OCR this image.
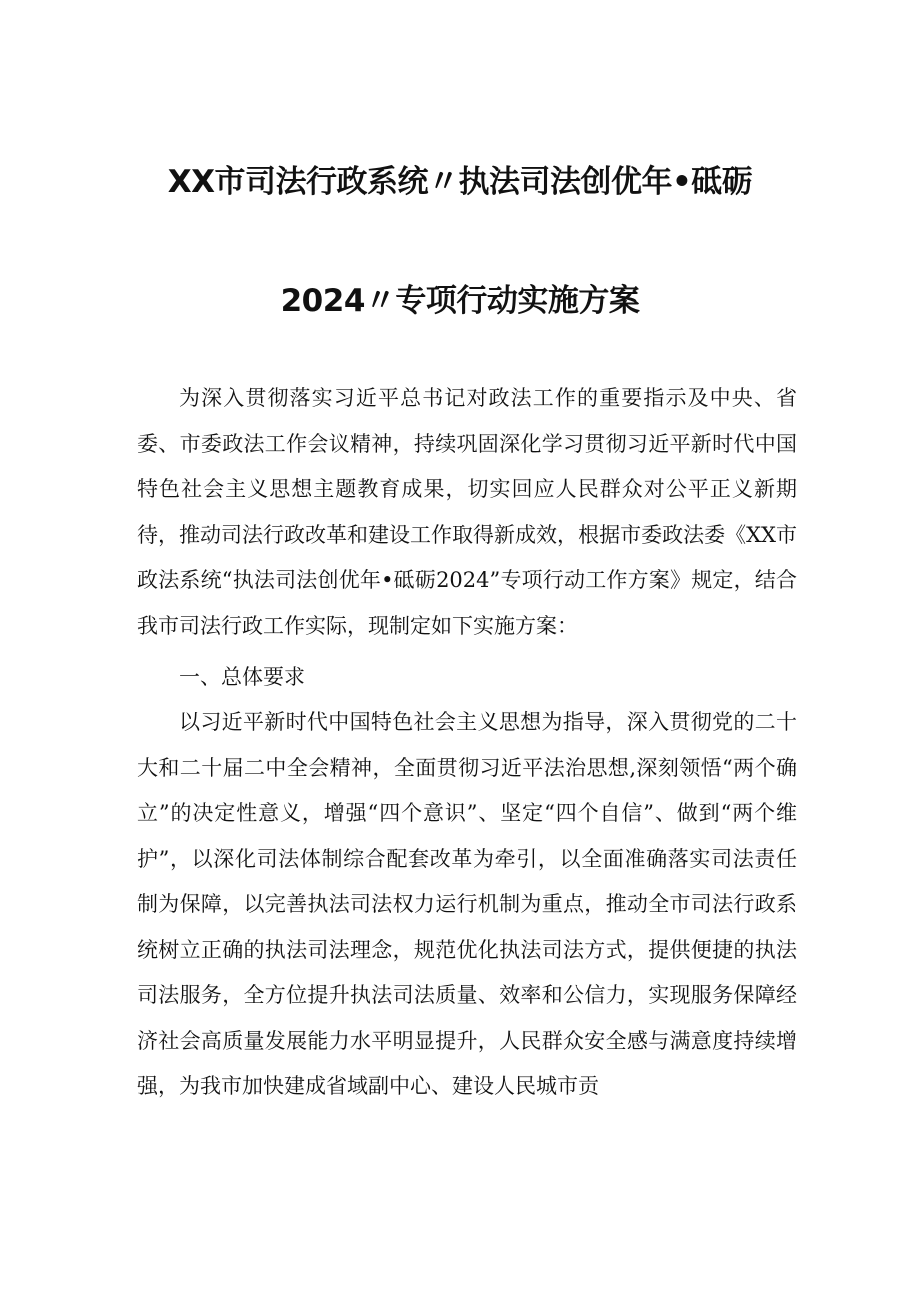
XX市司法行政系统〃执法司法创优年•砥砺
2024〃专项行动实施方案

为深入贯彻落实习近平总书记对政法工作的重要指示及中央、省委、市委政法工作会议精神，持续巩固深化学习贯彻习近平新时代中国特色社会主义思想主题教育成果，切实回应人民群众对公平正义新期待，推动司法行政改革和建设工作取得新成效，根据市委政法委《XX市政法系统“执法司法创优年•砥砺2024”专项行动工作方案》规定，结合我市司法行政工作实际，现制定如下实施方案：

一、总体要求

以习近平新时代中国特色社会主义思想为指导，深入贯彻党的二十大和二十届二中全会精神，全面贯彻习近平法治思想,深刻领悟“两个确立”的决定性意义，增强“四个意识”、坚定“四个自信”、做到“两个维护”，以深化司法体制综合配套改革为牵引，以全面准确落实司法责任制为保障，以完善执法司法权力运行机制为重点，推动全市司法行政系统树立正确的执法司法理念，规范优化执法司法方式，提供便捷的执法司法服务，全方位提升执法司法质量、效率和公信力，实现服务保障经济社会高质量发展能力水平明显提升，人民群众安全感与满意度持续增强，为我市加快建成省域副中心、建设人民城市贡
